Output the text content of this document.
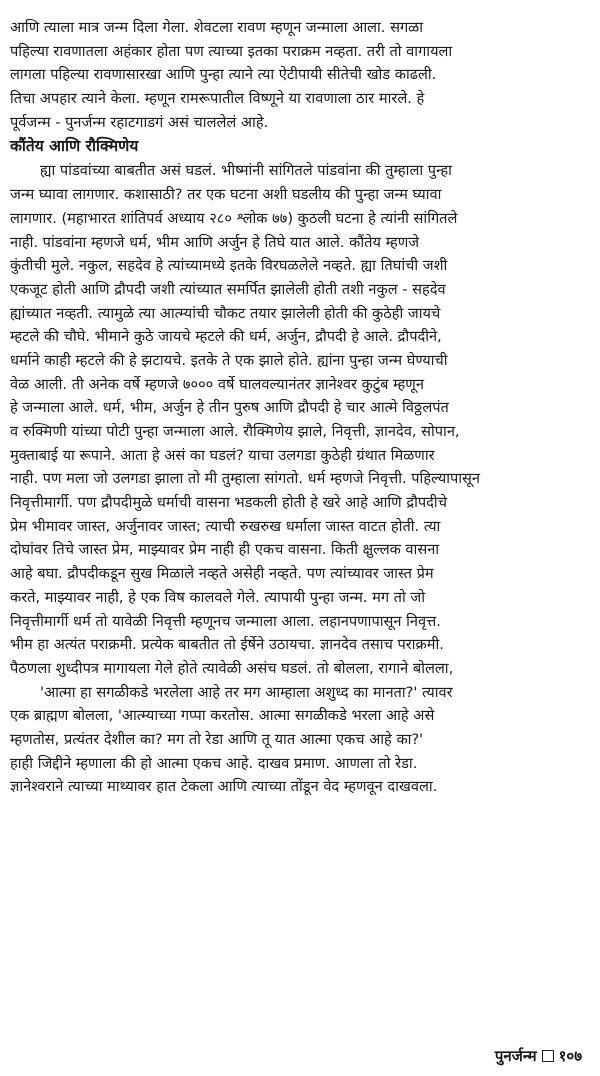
आणि त्याला मात्र जन्म दिला गेला. शेवटला रावण म्हणून जन्माला आला. सगळा
पहिल्या रावणातला अहंकार होता पण त्याच्या इतका पराक्रम नव्हता. तरी तो वागायला
लागला पहिल्या रावणासारखा आणि पुन्हा त्याने त्या ऐटीपायी सीतेची खोड काढली.
तिचा अपहार त्याने केला. म्हणून रामरूपातील विष्णूने या रावणाला ठार मारले. हे
पूर्वजन्म - पुनर्जन्म रहाटगाडगं असं चाललेलं आहे.
कौंतेय आणि रौक्मिणेय
ह्या पांडवांच्या बाबतीत असं घडलं. भीष्मांनी सांगितले पांडवांना की तुम्हाला पुन्हा
जन्म घ्यावा लागणार. कशासाठी? तर एक घटना अशी घडलीय की पुन्हा जन्म घ्यावा
लागणार. (महाभारत शांतिपर्व अध्याय २८० श्लोक ७७) कुठली घटना हे त्यांनी सांगितले
नाही. पांडवांना म्हणजे धर्म, भीम आणि अर्जुन हे तिघे यात आले. कौंतेय म्हणजे
कुंतीची मुले. नकुल, सहदेव हे त्यांच्यामध्ये इतके विरघळलेले नव्हते. ह्या तिघांची जशी
एकजूट होती आणि द्रौपदी जशी त्यांच्यात समर्पित झालेली होती तशी नकुल - सहदेव
ह्यांच्यात नव्हती. त्यामुळे त्या आत्म्यांची चौकट तयार झालेली होती की कुठेही जायचे
म्हटले की चौघे. भीमाने कुठे जायचे म्हटले की धर्म, अर्जुन, द्रौपदी हे आले. द्रौपदीने,
धर्माने काही म्हटले की हे झटायचे. इतके ते एक झाले होते. ह्यांना पुन्हा जन्म घेण्याची
वेळ आली. ती अनेक वर्षे म्हणजे ७००० वर्षे घालवल्यानंतर ज्ञानेश्वर कुटुंब म्हणून
हे जन्माला आले. धर्म, भीम, अर्जुन हे तीन पुरुष आणि द्रौपदी हे चार आत्मे विठ्ठलपंत
व रुक्मिणी यांच्या पोटी पुन्हा जन्माला आले. रौक्मिणेय झाले, निवृत्ती, ज्ञानदेव, सोपान,
मुक्ताबाई या रूपाने. आता हे असं का घडलं? याचा उलगडा कुठेही ग्रंथात मिळणार
नाही. पण मला जो उलगडा झाला तो मी तुम्हाला सांगतो. धर्म म्हणजे निवृत्ती. पहिल्यापासून
निवृत्तीमार्गी. पण द्रौपदीमुळे धर्माची वासना भडकली होती हे खरे आहे आणि द्रौपदीचे
प्रेम भीमावर जास्त, अर्जुनावर जास्त; त्याची रुखरुख धर्माला जास्त वाटत होती. त्या
दोघांवर तिचे जास्त प्रेम, माझ्यावर प्रेम नाही ही एकच वासना. किती क्षुल्लक वासना
आहे बघा. द्रौपदीकडून सुख मिळाले नव्हते असेही नव्हते. पण त्यांच्यावर जास्त प्रेम
करते, माझ्यावर नाही, हे एक विष कालवले गेले. त्यापायी पुन्हा जन्म. मग तो जो
निवृत्तीमार्गी धर्म तो यावेळी निवृत्ती म्हणूनच जन्माला आला. लहानपणापासून निवृत्त.
भीम हा अत्यंत पराक्रमी. प्रत्येक बाबतीत तो ईर्षेने उठायचा. ज्ञानदेव तसाच पराक्रमी.
पैठणला शुध्दीपत्र मागायला गेले होते त्यावेळी असंच घडलं. तो बोलला, रागाने बोलला,
'आत्मा हा सगळीकडे भरलेला आहे तर मग आम्हाला अशुध्द का मानता?' त्यावर
एक ब्राह्मण बोलला, 'आत्म्याच्या गप्पा करतोस. आत्मा सगळीकडे भरला आहे असे
म्हणतोस, प्रत्यंतर देशील का? मग तो रेडा आणि तू यात आत्मा एकच आहे का?'
हाही जिद्दीने म्हणाला की हो आत्मा एकच आहे. दाखव प्रमाण. आणला तो रेडा.
ज्ञानेश्वराने त्याच्या माथ्यावर हात टेकला आणि त्याच्या तोंडून वेद म्हणवून दाखवला.
पुनर्जन्म १०७
